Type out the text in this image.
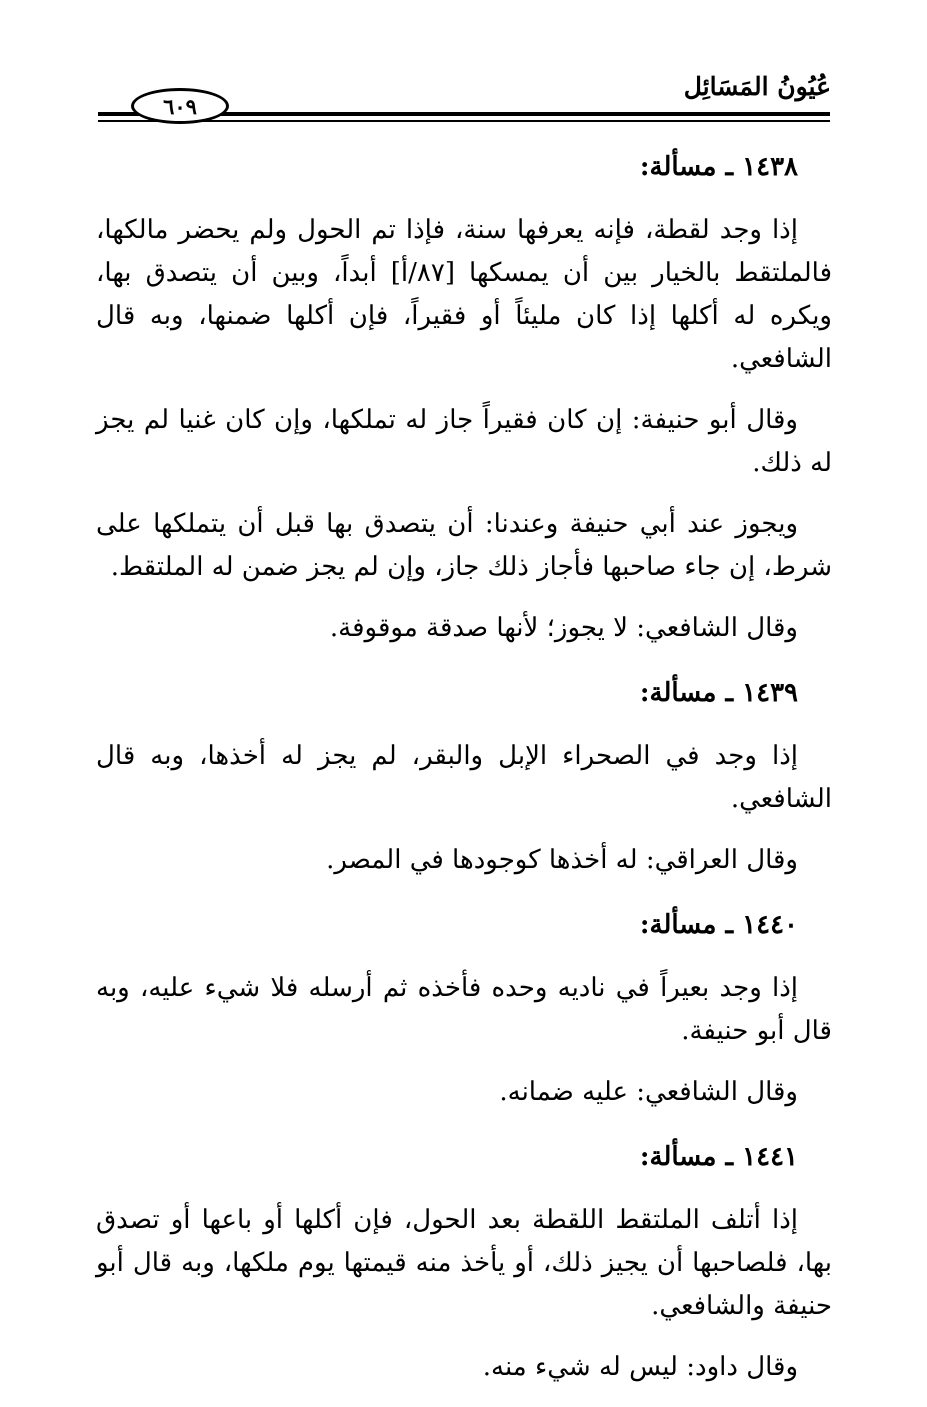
عُيُونُ المَسَائِل
٦٠٩

١٤٣٨ ـ مسألة:

إذا وجد لقطة، فإنه يعرفها سنة، فإذا تم الحول ولم يحضر مالكها، فالملتقط بالخيار بين أن يمسكها [٨٧/أ] أبداً، وبين أن يتصدق بها، ويكره له أكلها إذا كان مليئاً أو فقيراً، فإن أكلها ضمنها، وبه قال الشافعي.

وقال أبو حنيفة: إن كان فقيراً جاز له تملكها، وإن كان غنيا لم يجز له ذلك.

ويجوز عند أبي حنيفة وعندنا: أن يتصدق بها قبل أن يتملكها على شرط، إن جاء صاحبها فأجاز ذلك جاز، وإن لم يجز ضمن له الملتقط.

وقال الشافعي: لا يجوز؛ لأنها صدقة موقوفة.

١٤٣٩ ـ مسألة:

إذا وجد في الصحراء الإبل والبقر، لم يجز له أخذها، وبه قال الشافعي.

وقال العراقي: له أخذها كوجودها في المصر.

١٤٤٠ ـ مسألة:

إذا وجد بعيراً في ناديه وحده فأخذه ثم أرسله فلا شيء عليه، وبه قال أبو حنيفة.

وقال الشافعي: عليه ضمانه.

١٤٤١ ـ مسألة:

إذا أتلف الملتقط اللقطة بعد الحول، فإن أكلها أو باعها أو تصدق بها، فلصاحبها أن يجيز ذلك، أو يأخذ منه قيمتها يوم ملكها، وبه قال أبو حنيفة والشافعي.

وقال داود: ليس له شيء منه.
